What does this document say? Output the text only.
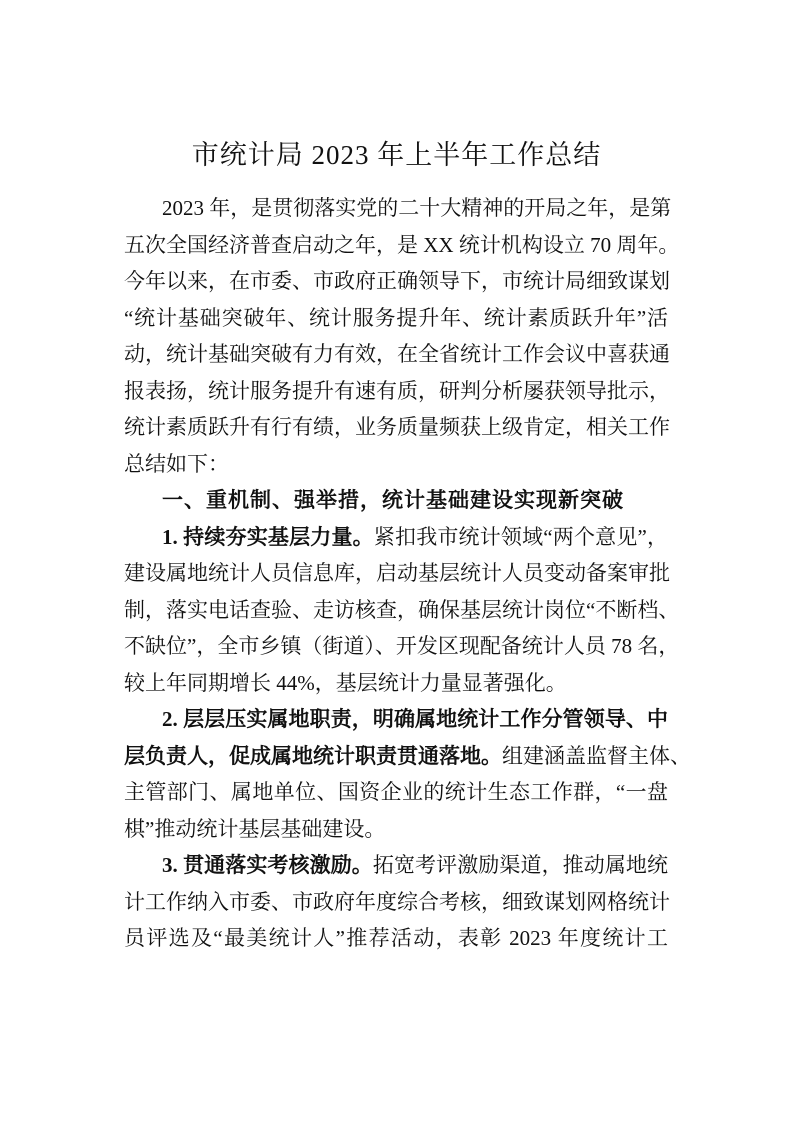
市统计局 2023 年上半年工作总结
2023 年，是贯彻落实党的二十大精神的开局之年，是第
五次全国经济普查启动之年，是 XX 统计机构设立 70 周年。
今年以来，在市委、市政府正确领导下，市统计局细致谋划
“统计基础突破年、统计服务提升年、统计素质跃升年”活
动，统计基础突破有力有效，在全省统计工作会议中喜获通
报表扬，统计服务提升有速有质，研判分析屡获领导批示，
统计素质跃升有行有绩，业务质量频获上级肯定，相关工作
总结如下：
一、重机制、强举措，统计基础建设实现新突破
1. 持续夯实基层力量。紧扣我市统计领域“两个意见”，
建设属地统计人员信息库，启动基层统计人员变动备案审批
制，落实电话查验、走访核查，确保基层统计岗位“不断档、
不缺位”，全市乡镇（街道）、开发区现配备统计人员 78 名，
较上年同期增长 44%，基层统计力量显著强化。
2. 层层压实属地职责，明确属地统计工作分管领导、中
层负责人，促成属地统计职责贯通落地。组建涵盖监督主体、
主管部门、属地单位、国资企业的统计生态工作群，“一盘
棋”推动统计基层基础建设。
3. 贯通落实考核激励。拓宽考评激励渠道，推动属地统
计工作纳入市委、市政府年度综合考核，细致谋划网格统计
员评选及“最美统计人”推荐活动，表彰 2023 年度统计工
